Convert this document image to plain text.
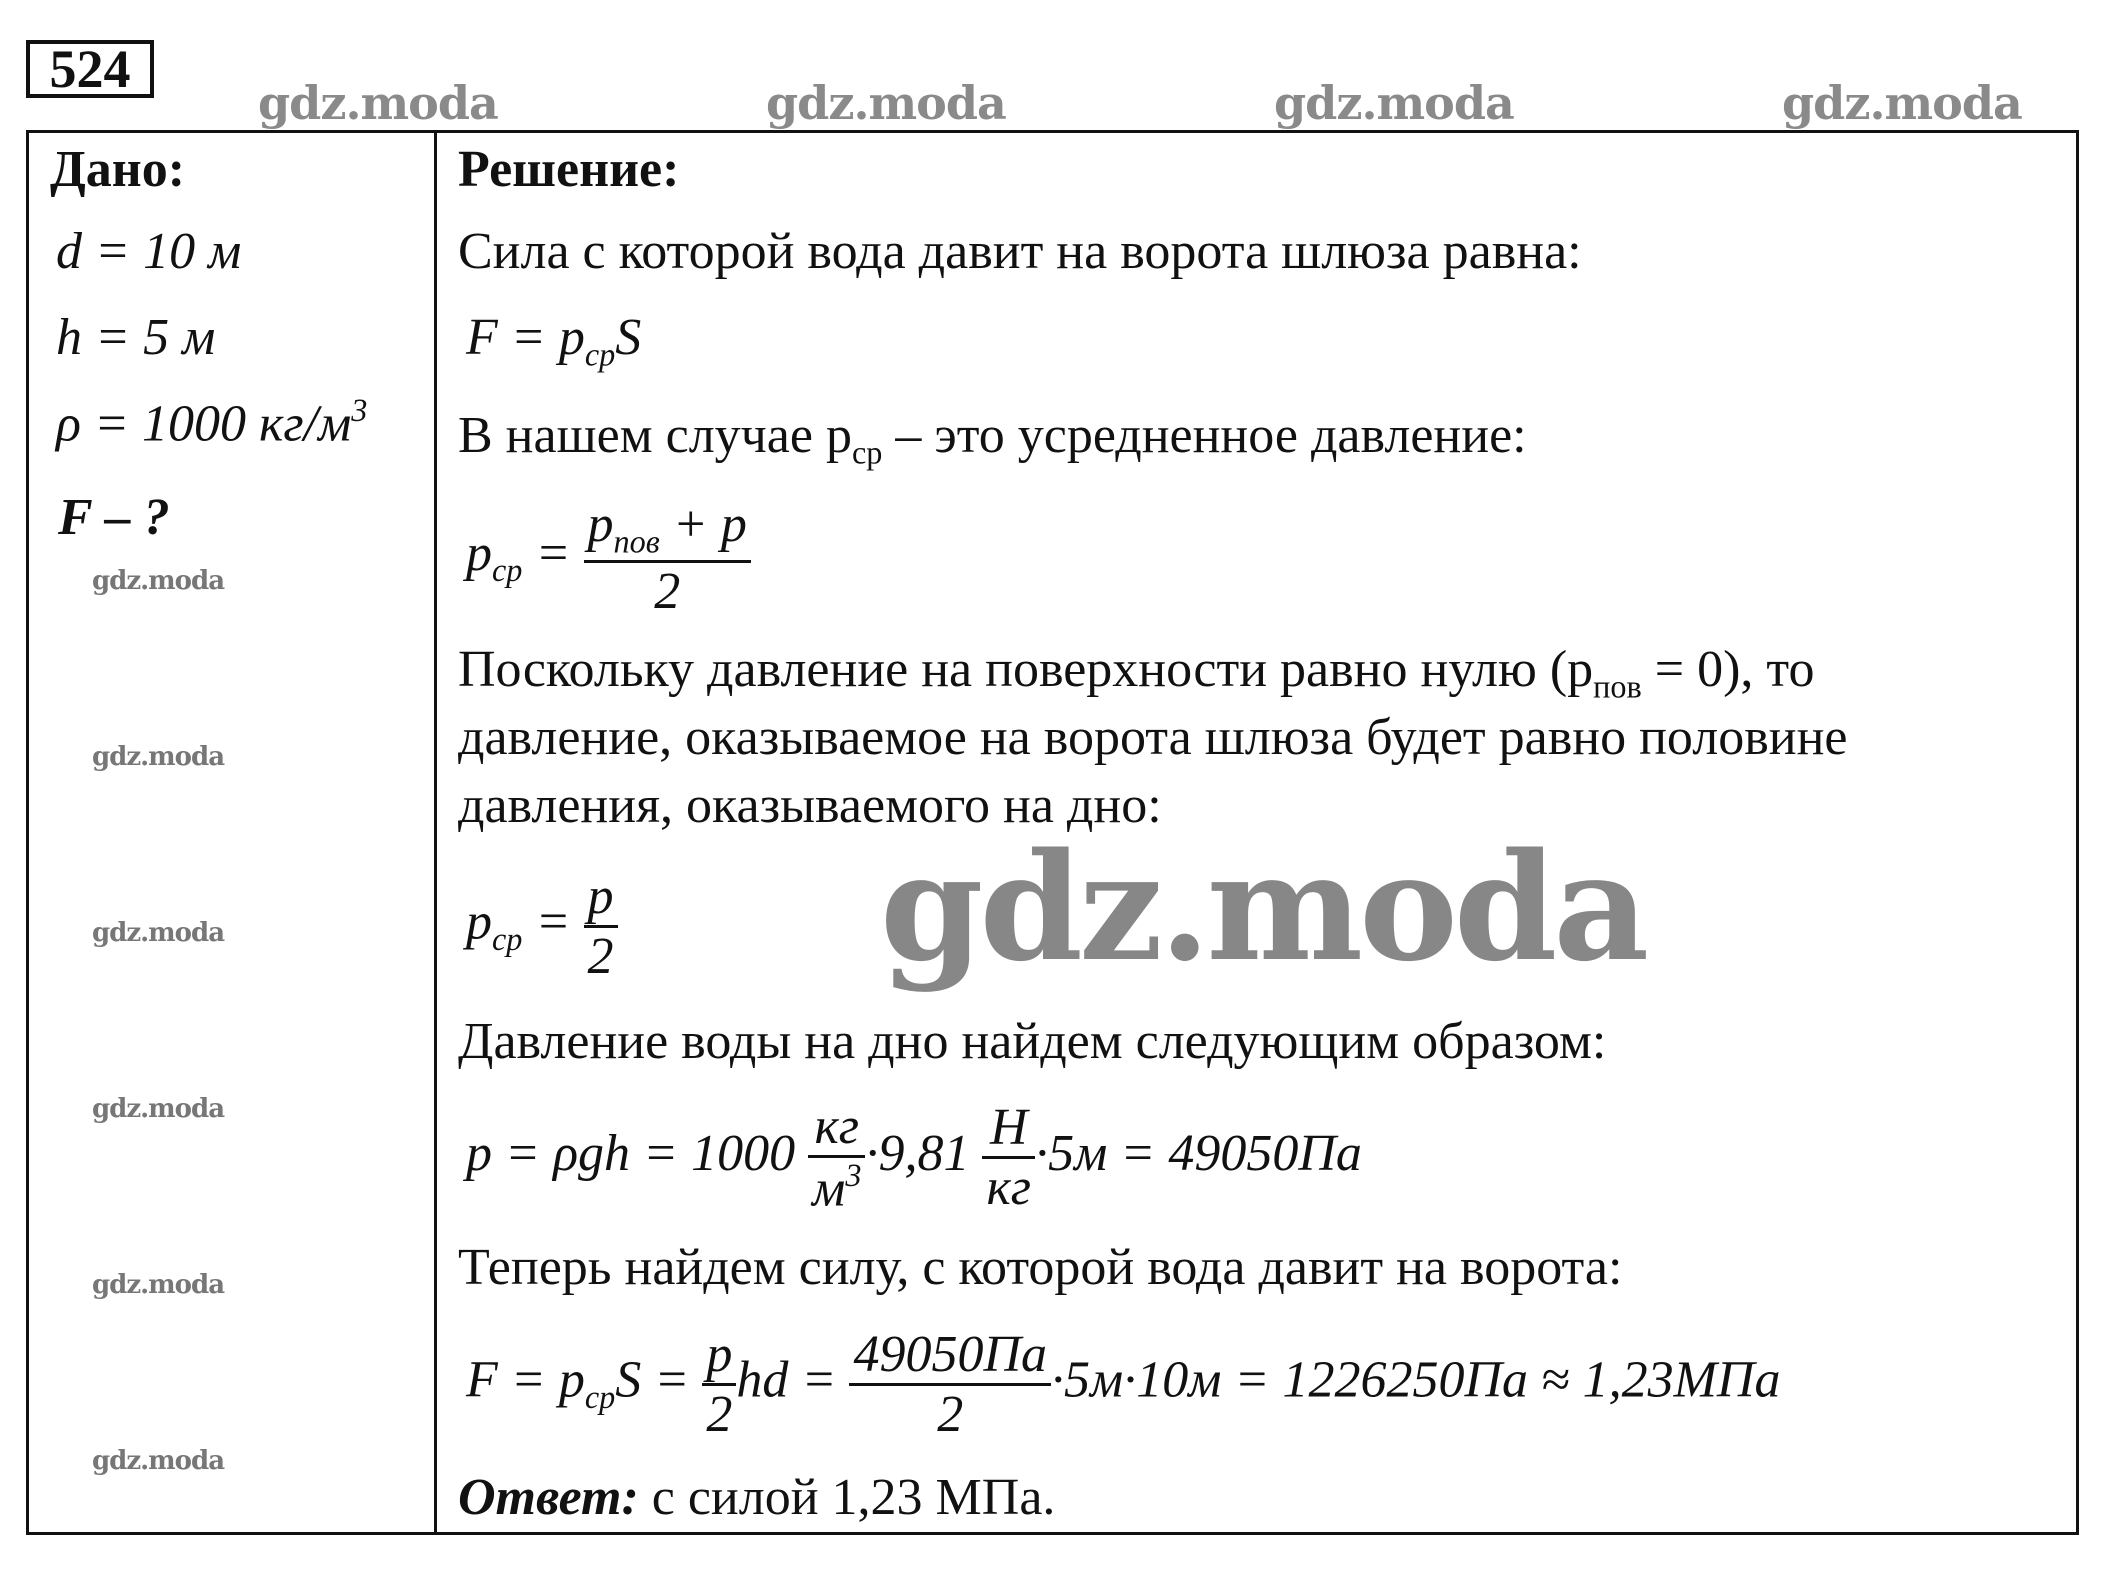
524
gdz.moda	gdz.moda	gdz.moda	gdz.moda
Дано:
d = 10 м
h = 5 м
ρ = 1000 $кг/м^3$
F – ?
gdz.moda
gdz.moda
gdz.moda
gdz.moda
gdz.moda
gdz.moda
Решение:
Сила с которой вода давит на ворота шлюза равна:
$F = p_{ср}S$
В нашем случае $p_{ср}$ – это усредненное давление:
$p_{ср} = \frac{p_{пов} + p}{2}$
Поскольку давление на поверхности равно нулю $(p_{пов} = 0)$, то
давление, оказываемое на ворота шлюза будет равно половине
давления, оказываемого на дно:
$p_{ср} = \frac{p}{2}$ gdz.moda
Давление воды на дно найдем следующим образом:
$p = \rho gh = 1000 \frac{кг}{м^3} \cdot 9,81 \frac{Н}{кг} \cdot 5м = 49050Па$
Теперь найдем силу, с которой вода давит на ворота:
$F = p_{ср}S = \frac{p}{2}$ hd = $\frac{49050Па}{2} \cdot 5м\cdot 10м = 1226250Па \approx 1,23МПа$
Ответ: с силой 1,23 МПа.
